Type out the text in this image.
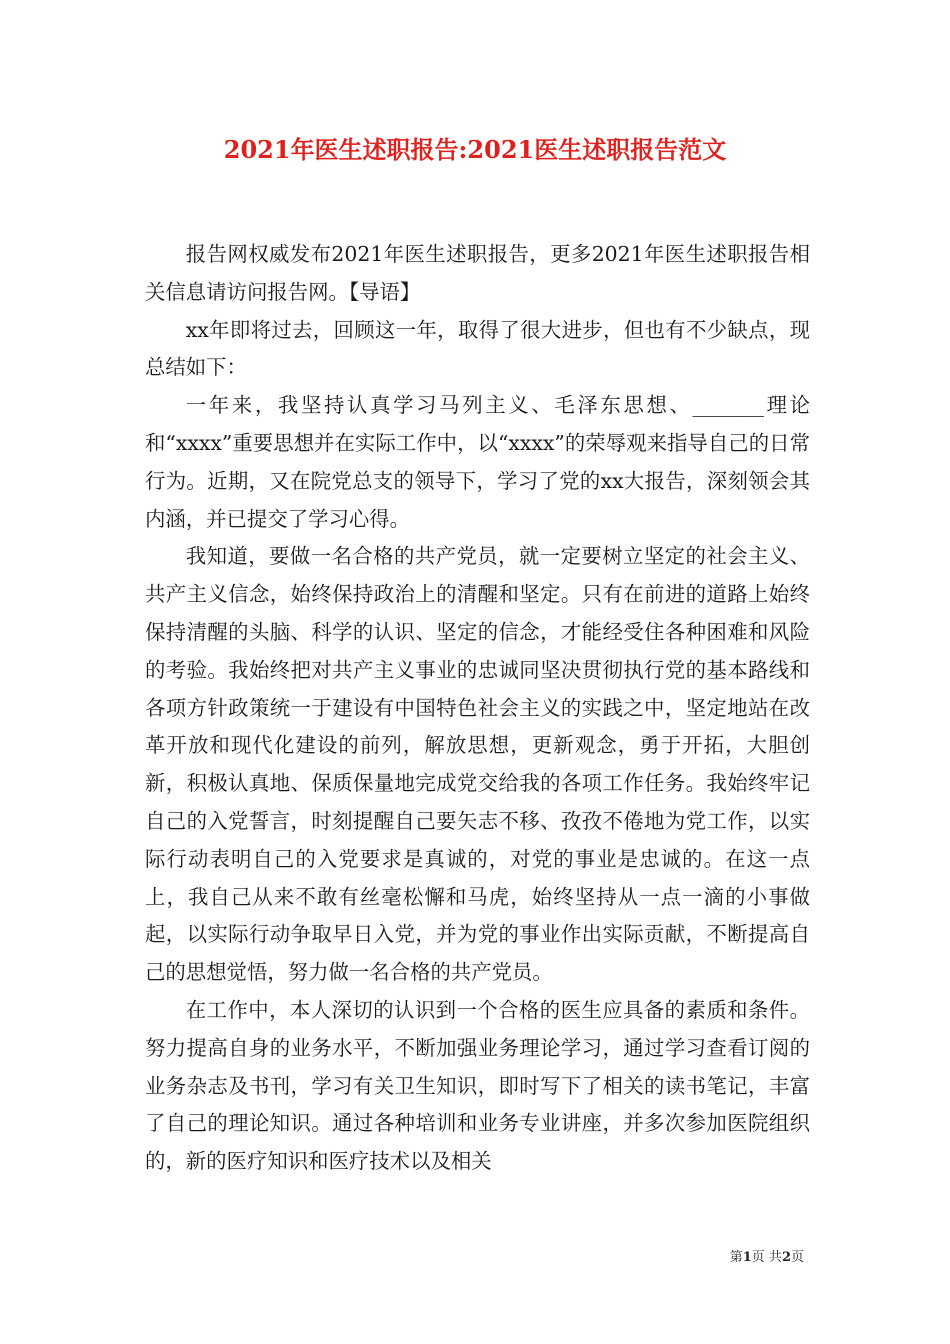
2021年医生述职报告:2021医生述职报告范文

报告网权威发布2021年医生述职报告，更多2021年医生述职报告相关信息请访问报告网。【导语】

xx年即将过去，回顾这一年，取得了很大进步，但也有不少缺点，现总结如下：

一年来，我坚持认真学习马列主义、毛泽东思想、_______理论和“xxxx”重要思想并在实际工作中，以“xxxx”的荣辱观来指导自己的日常行为。近期，又在院党总支的领导下，学习了党的xx大报告，深刻领会其内涵，并已提交了学习心得。

我知道，要做一名合格的共产党员，就一定要树立坚定的社会主义、共产主义信念，始终保持政治上的清醒和坚定。只有在前进的道路上始终保持清醒的头脑、科学的认识、坚定的信念，才能经受住各种困难和风险的考验。我始终把对共产主义事业的忠诚同坚决贯彻执行党的基本路线和各项方针政策统一于建设有中国特色社会主义的实践之中，坚定地站在改革开放和现代化建设的前列，解放思想，更新观念，勇于开拓，大胆创新，积极认真地、保质保量地完成党交给我的各项工作任务。我始终牢记自己的入党誓言，时刻提醒自己要矢志不移、孜孜不倦地为党工作，以实际行动表明自己的入党要求是真诚的，对党的事业是忠诚的。在这一点上，我自己从来不敢有丝毫松懈和马虎，始终坚持从一点一滴的小事做起，以实际行动争取早日入党，并为党的事业作出实际贡献，不断提高自己的思想觉悟，努力做一名合格的共产党员。

在工作中，本人深切的认识到一个合格的医生应具备的素质和条件。努力提高自身的业务水平，不断加强业务理论学习，通过学习查看订阅的业务杂志及书刊，学习有关卫生知识，即时写下了相关的读书笔记，丰富了自己的理论知识。通过各种培训和业务专业讲座，并多次参加医院组织的，新的医疗知识和医疗技术以及相关

第1页 共2页
